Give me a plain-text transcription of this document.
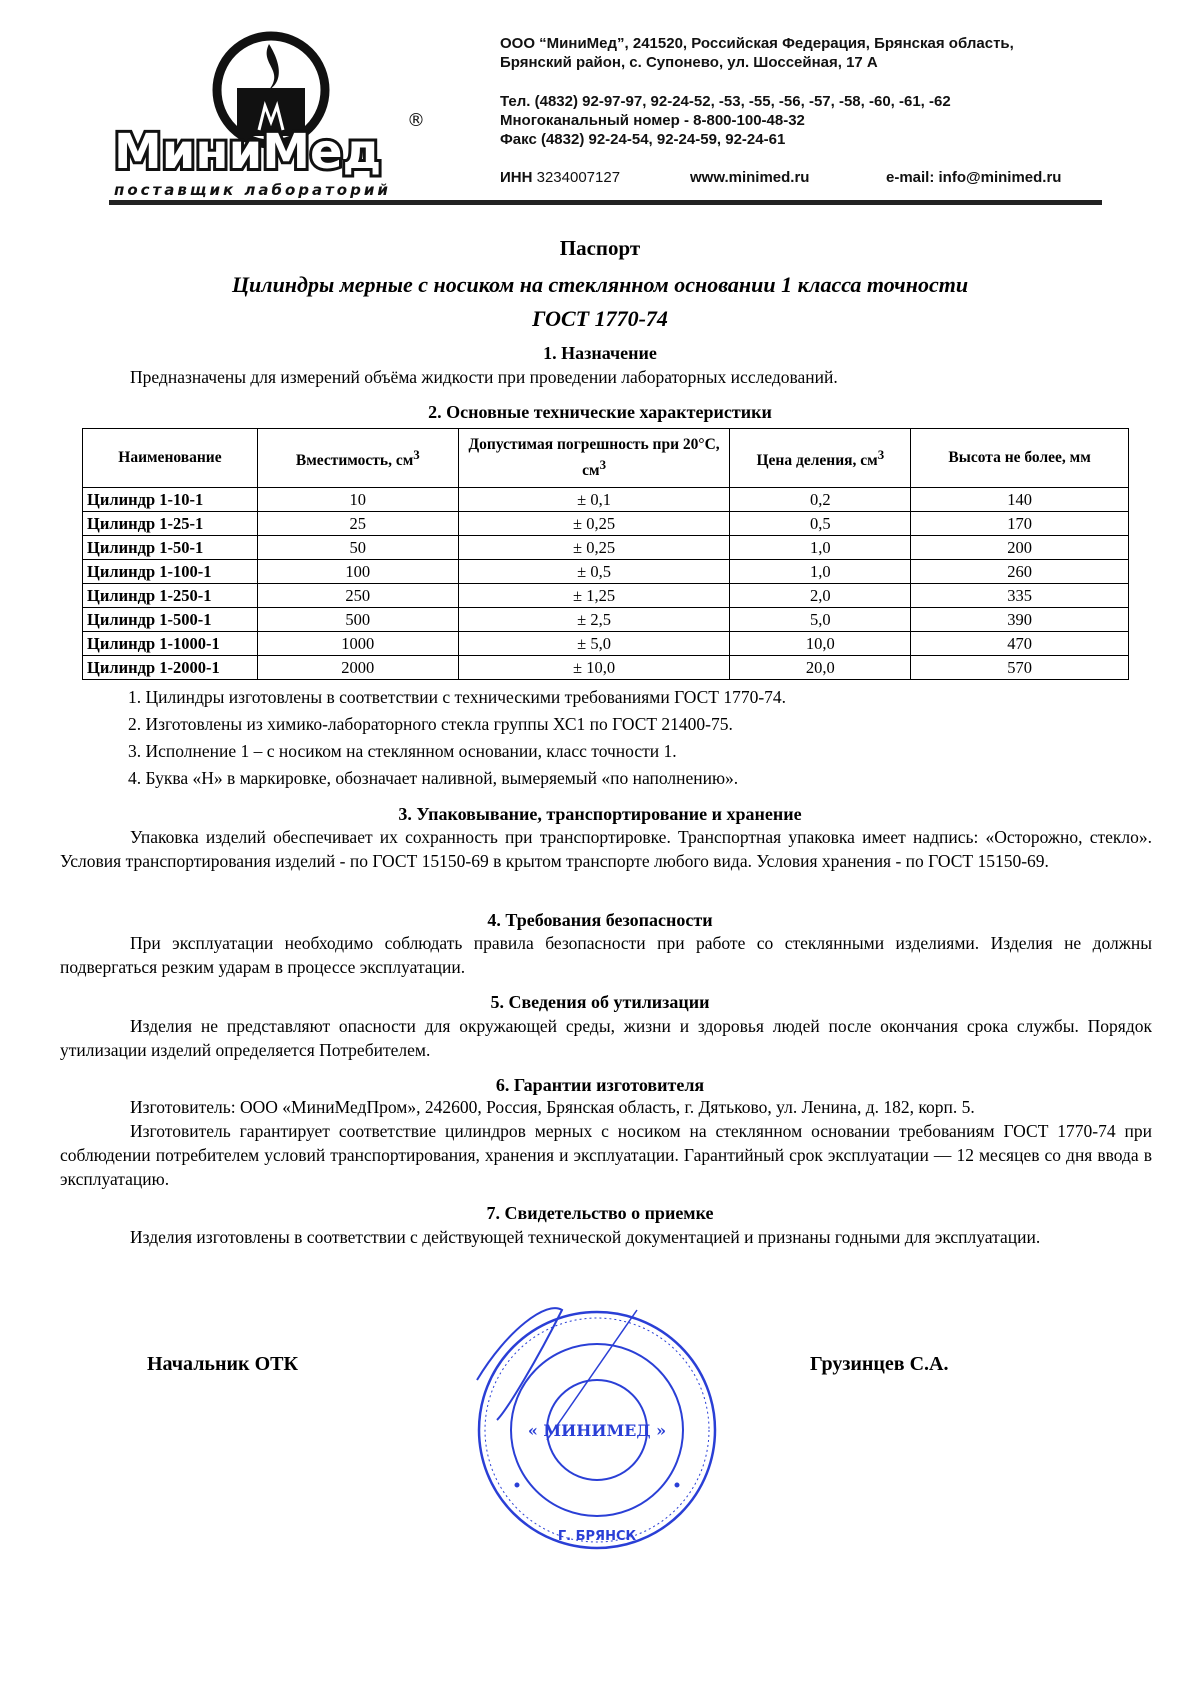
МиниМед
®
поставщик лабораторий
ООО “МиниМед”, 241520, Российская Федерация, Брянская область,
Брянский район, с. Супонево, ул. Шоссейная, 17 А
Тел. (4832) 92-97-97, 92-24-52, -53, -55, -56, -57, -58, -60, -61, -62
Многоканальный номер - 8-800-100-48-32
Факс (4832) 92-24-54, 92-24-59, 92-24-61
ИНН 3234007127	www.minimed.ru	e-mail: info@minimed.ru
Паспорт
Цилиндры мерные с носиком на стеклянном основании 1 класса точности
ГОСТ 1770-74
1. Назначение
Предназначены для измерений объёма жидкости при проведении лабораторных исследований.
2. Основные технические характеристики
Наименование	Вместимость, $см^3$	Допустимая погрешность при 20°С, $см^3$	Цена деления, $см^3$	Высота не более, мм
Цилиндр 1-10-1	10	± 0,1	0,2	140
Цилиндр 1-25-1	25	± 0,25	0,5	170
Цилиндр 1-50-1	50	± 0,25	1,0	200
Цилиндр 1-100-1	100	± 0,5	1,0	260
Цилиндр 1-250-1	250	± 1,25	2,0	335
Цилиндр 1-500-1	500	± 2,5	5,0	390
Цилиндр 1-1000-1	1000	± 5,0	10,0	470
Цилиндр 1-2000-1	2000	± 10,0	20,0	570
1. Цилиндры изготовлены в соответствии с техническими требованиями ГОСТ 1770-74.
2. Изготовлены из химико-лабораторного стекла группы ХС1 по ГОСТ 21400-75.
3. Исполнение 1 – с носиком на стеклянном основании, класс точности 1.
4. Буква «Н» в маркировке, обозначает наливной, вымеряемый «по наполнению».
3. Упаковывание, транспортирование и хранение
Упаковка изделий обеспечивает их сохранность при транспортировке. Транспортная упаковка имеет надпись: «Осторожно, стекло». Условия транспортирования изделий - по ГОСТ 15150-69 в крытом транспорте любого вида. Условия хранения - по ГОСТ 15150-69.
4. Требования безопасности
При эксплуатации необходимо соблюдать правила безопасности при работе со стеклянными изделиями. Изделия не должны подвергаться резким ударам в процессе эксплуатации.
5. Сведения об утилизации
Изделия не представляют опасности для окружающей среды, жизни и здоровья людей после окончания срока службы. Порядок утилизации изделий определяется Потребителем.
6. Гарантии изготовителя
Изготовитель: ООО «МиниМедПром», 242600, Россия, Брянская область, г. Дятьково, ул. Ленина, д. 182, корп. 5.
Изготовитель гарантирует соответствие цилиндров мерных с носиком на стеклянном основании требованиям ГОСТ 1770-74 при соблюдении потребителем условий транспортирования, хранения и эксплуатации. Гарантийный срок эксплуатации — 12 месяцев со дня ввода в эксплуатацию.
7. Свидетельство о приемке
Изделия изготовлены в соответствии с действующей технической документацией и признаны годными для эксплуатации.
Начальник ОТК	Грузинцев С.А.
« МИНИМЕД »
Г. БРЯНСК
